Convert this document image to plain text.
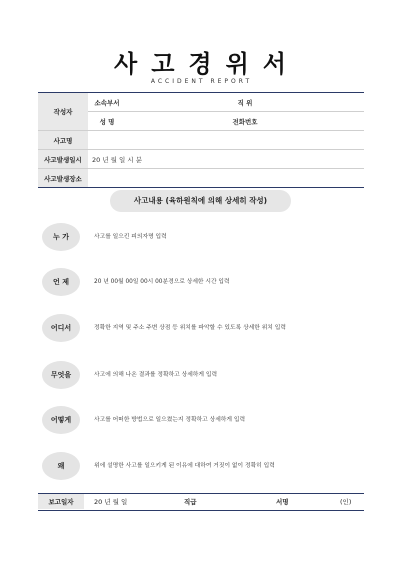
사고경위서
ACCIDENT REPORT
작성자	소속부서		직 위	
	성 명		전화번호	
사고명				
사고발생일시	20 년 월 일 시 분			
사고발생장소				
사고내용 (육하원칙에 의해 상세히 작성)
누 가	사고를 일으킨 피의자명 입력
언 제	20 년 00월 00일 00시 00분경으로 상세한 시간 입력
어디서	정확한 지역 및 주소 주변 상점 등 위치를 파악할 수 있도록 상세한 위치 입력
무엇을	사고에 의해 나온 결과를 정확하고 상세하게 입력
어떻게	사고를 어떠한 방법으로 일으켰는지 정확하고 상세하게 입력
왜	위에 설명한 사고를 일으키게 된 이유에 대하여 거짓이 없이 정확히 입력
보고일자	20 년 월 일	직급	서명	(인)
